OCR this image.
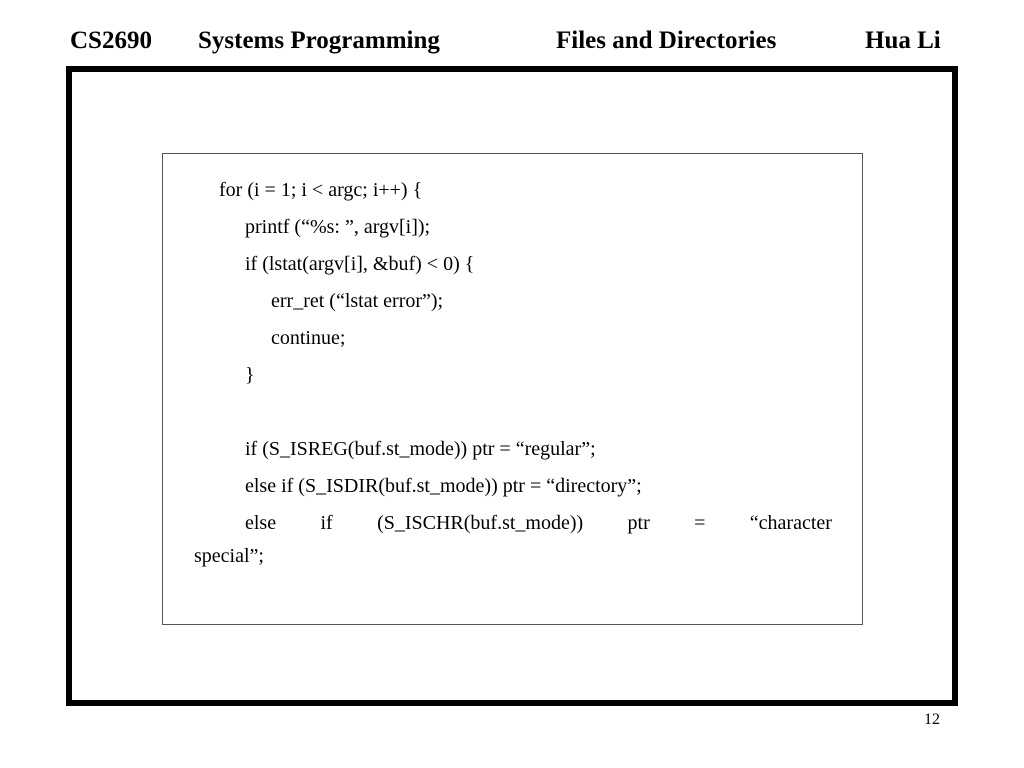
CS2690 Systems Programming	Files and Directories	Hua Li
for (i = 1; i < argc; i++) {
printf (“%s: ”, argv[i]);
if (lstat(argv[i], &buf) < 0) {
err_ret (“lstat error”);
continue;
}
if (S_ISREG(buf.st_mode)) ptr = “regular”;
else if (S_ISDIR(buf.st_mode)) ptr = “directory”;
else if (S_ISCHR(buf.st_mode)) ptr = “character
special”;
12
